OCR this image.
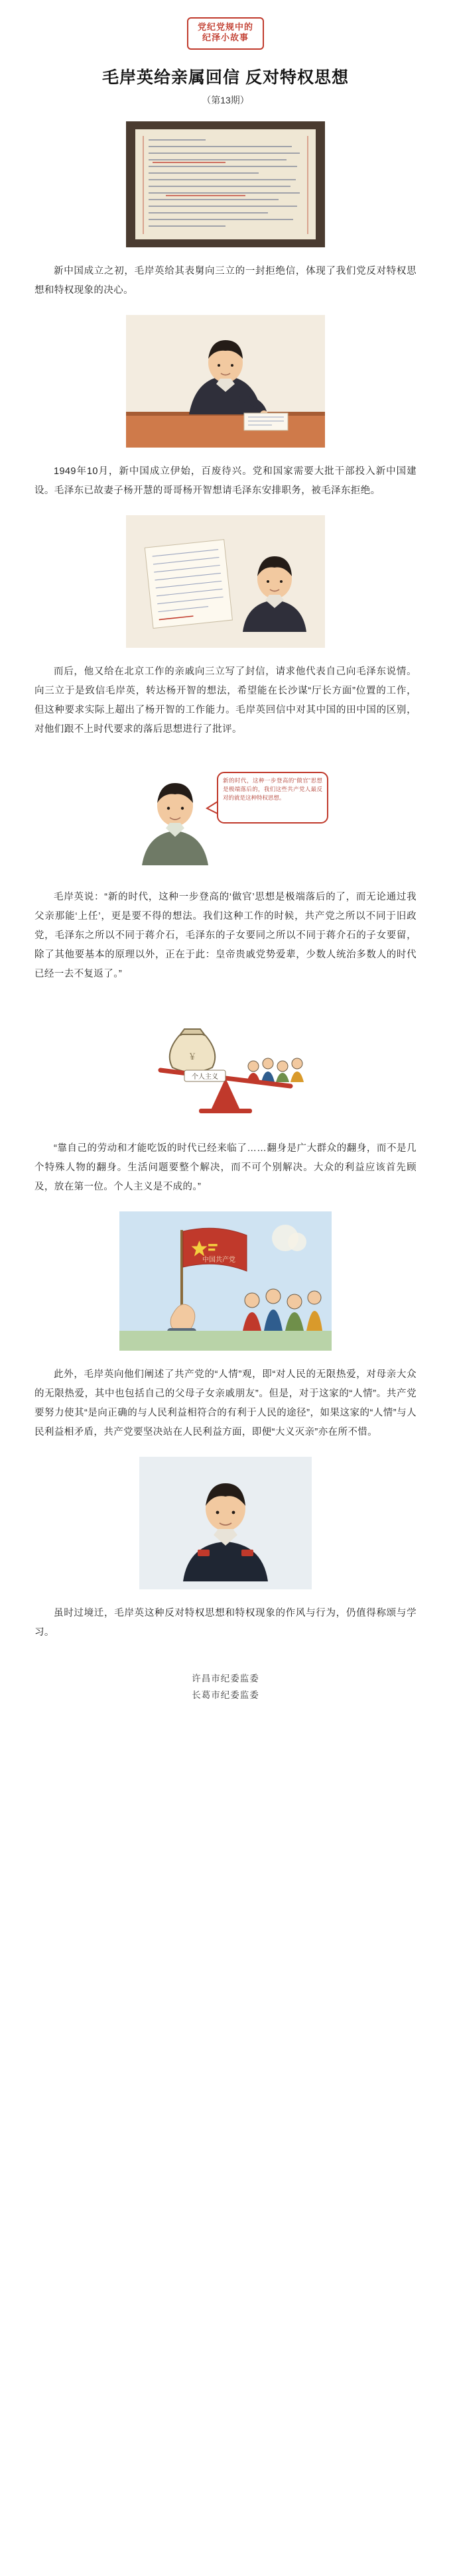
党纪党规中的
纪泽小故事
毛岸英给亲属回信 反对特权思想
（第13期）

新中国成立之初，毛岸英给其表舅向三立的一封拒绝信，体现了我们党反对特权思想和特权现象的决心。

1949年10月，新中国成立伊始，百废待兴。党和国家需要大批干部投入新中国建设。毛泽东已故妻子杨开慧的哥哥杨开智想请毛泽东安排职务，被毛泽东拒绝。

而后，他又给在北京工作的亲戚向三立写了封信，请求他代表自己向毛泽东说情。向三立于是致信毛岸英，转达杨开智的想法，希望能在长沙谋“厅长方面”位置的工作，但这种要求实际上超出了杨开智的工作能力。毛岸英回信中对其中国的田中国的区别，对他们跟不上时代要求的落后思想进行了批评。

新的时代，这种一步登高的“做官”思想是极端落后的，我们这些共产党人最反对的就是这种特权思想。

毛岸英说：“新的时代，这种一步登高的‘做官’思想是极端落后的了，而无论通过我父亲那能‘上任’，更是要不得的想法。我们这种工作的时候，共产党之所以不同于旧政党，毛泽东之所以不同于蒋介石，毛泽东的子女要同之所以不同于蒋介石的子女要留，除了其他要基本的原理以外，正在于此：皇帝贵戚党势爱辈，少数人统治多数人的时代已经一去不复返了。”

￥
个人主义

“靠自己的劳动和才能吃饭的时代已经来临了……翻身是广大群众的翻身，而不是几个特殊人物的翻身。生活问题要整个解决，而不可个别解决。大众的利益应该首先顾及，放在第一位。个人主义是不成的。”

中国共产党

此外，毛岸英向他们阐述了共产党的“人情”观，即“对人民的无限热爱，对母亲大众的无限热爱，其中也包括自己的父母子女亲戚朋友”。但是，对于这家的“人情”。共产党要努力使其“是向正确的与人民利益相符合的有利于人民的途径”，如果这家的“人情”与人民利益相矛盾，共产党要坚决站在人民利益方面，即便“大义灭亲”亦在所不惜。

虽时过境迁，毛岸英这种反对特权思想和特权现象的作风与行为，仍值得称颂与学习。

许昌市纪委监委
长葛市纪委监委
